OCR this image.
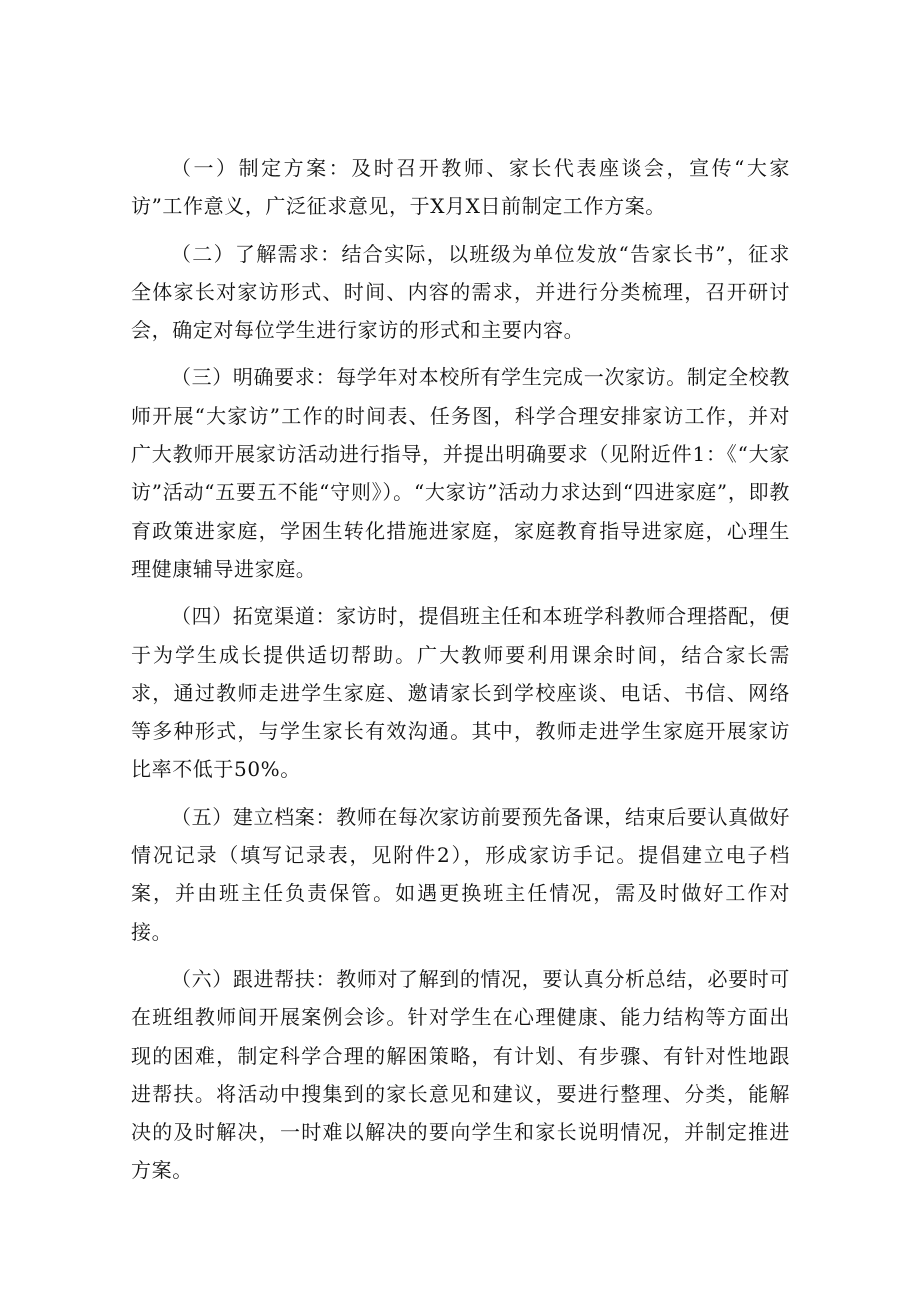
（一）制定方案：及时召开教师、家长代表座谈会，宣传“大家访”工作意义，广泛征求意见，于X月X日前制定工作方案。

（二）了解需求：结合实际，以班级为单位发放“告家长书”，征求全体家长对家访形式、时间、内容的需求，并进行分类梳理，召开研讨会，确定对每位学生进行家访的形式和主要内容。

（三）明确要求：每学年对本校所有学生完成一次家访。制定全校教师开展“大家访”工作的时间表、任务图，科学合理安排家访工作，并对广大教师开展家访活动进行指导，并提出明确要求（见附近件1：《“大家访”活动“五要五不能“守则》）。“大家访”活动力求达到“四进家庭”，即教育政策进家庭，学困生转化措施进家庭，家庭教育指导进家庭，心理生理健康辅导进家庭。

（四）拓宽渠道：家访时，提倡班主任和本班学科教师合理搭配，便于为学生成长提供适切帮助。广大教师要利用课余时间，结合家长需求，通过教师走进学生家庭、邀请家长到学校座谈、电话、书信、网络等多种形式，与学生家长有效沟通。其中，教师走进学生家庭开展家访比率不低于50%。

（五）建立档案：教师在每次家访前要预先备课，结束后要认真做好情况记录（填写记录表，见附件2），形成家访手记。提倡建立电子档案，并由班主任负责保管。如遇更换班主任情况，需及时做好工作对接。

（六）跟进帮扶：教师对了解到的情况，要认真分析总结，必要时可在班组教师间开展案例会诊。针对学生在心理健康、能力结构等方面出现的困难，制定科学合理的解困策略，有计划、有步骤、有针对性地跟进帮扶。将活动中搜集到的家长意见和建议，要进行整理、分类，能解决的及时解决，一时难以解决的要向学生和家长说明情况，并制定推进方案。
